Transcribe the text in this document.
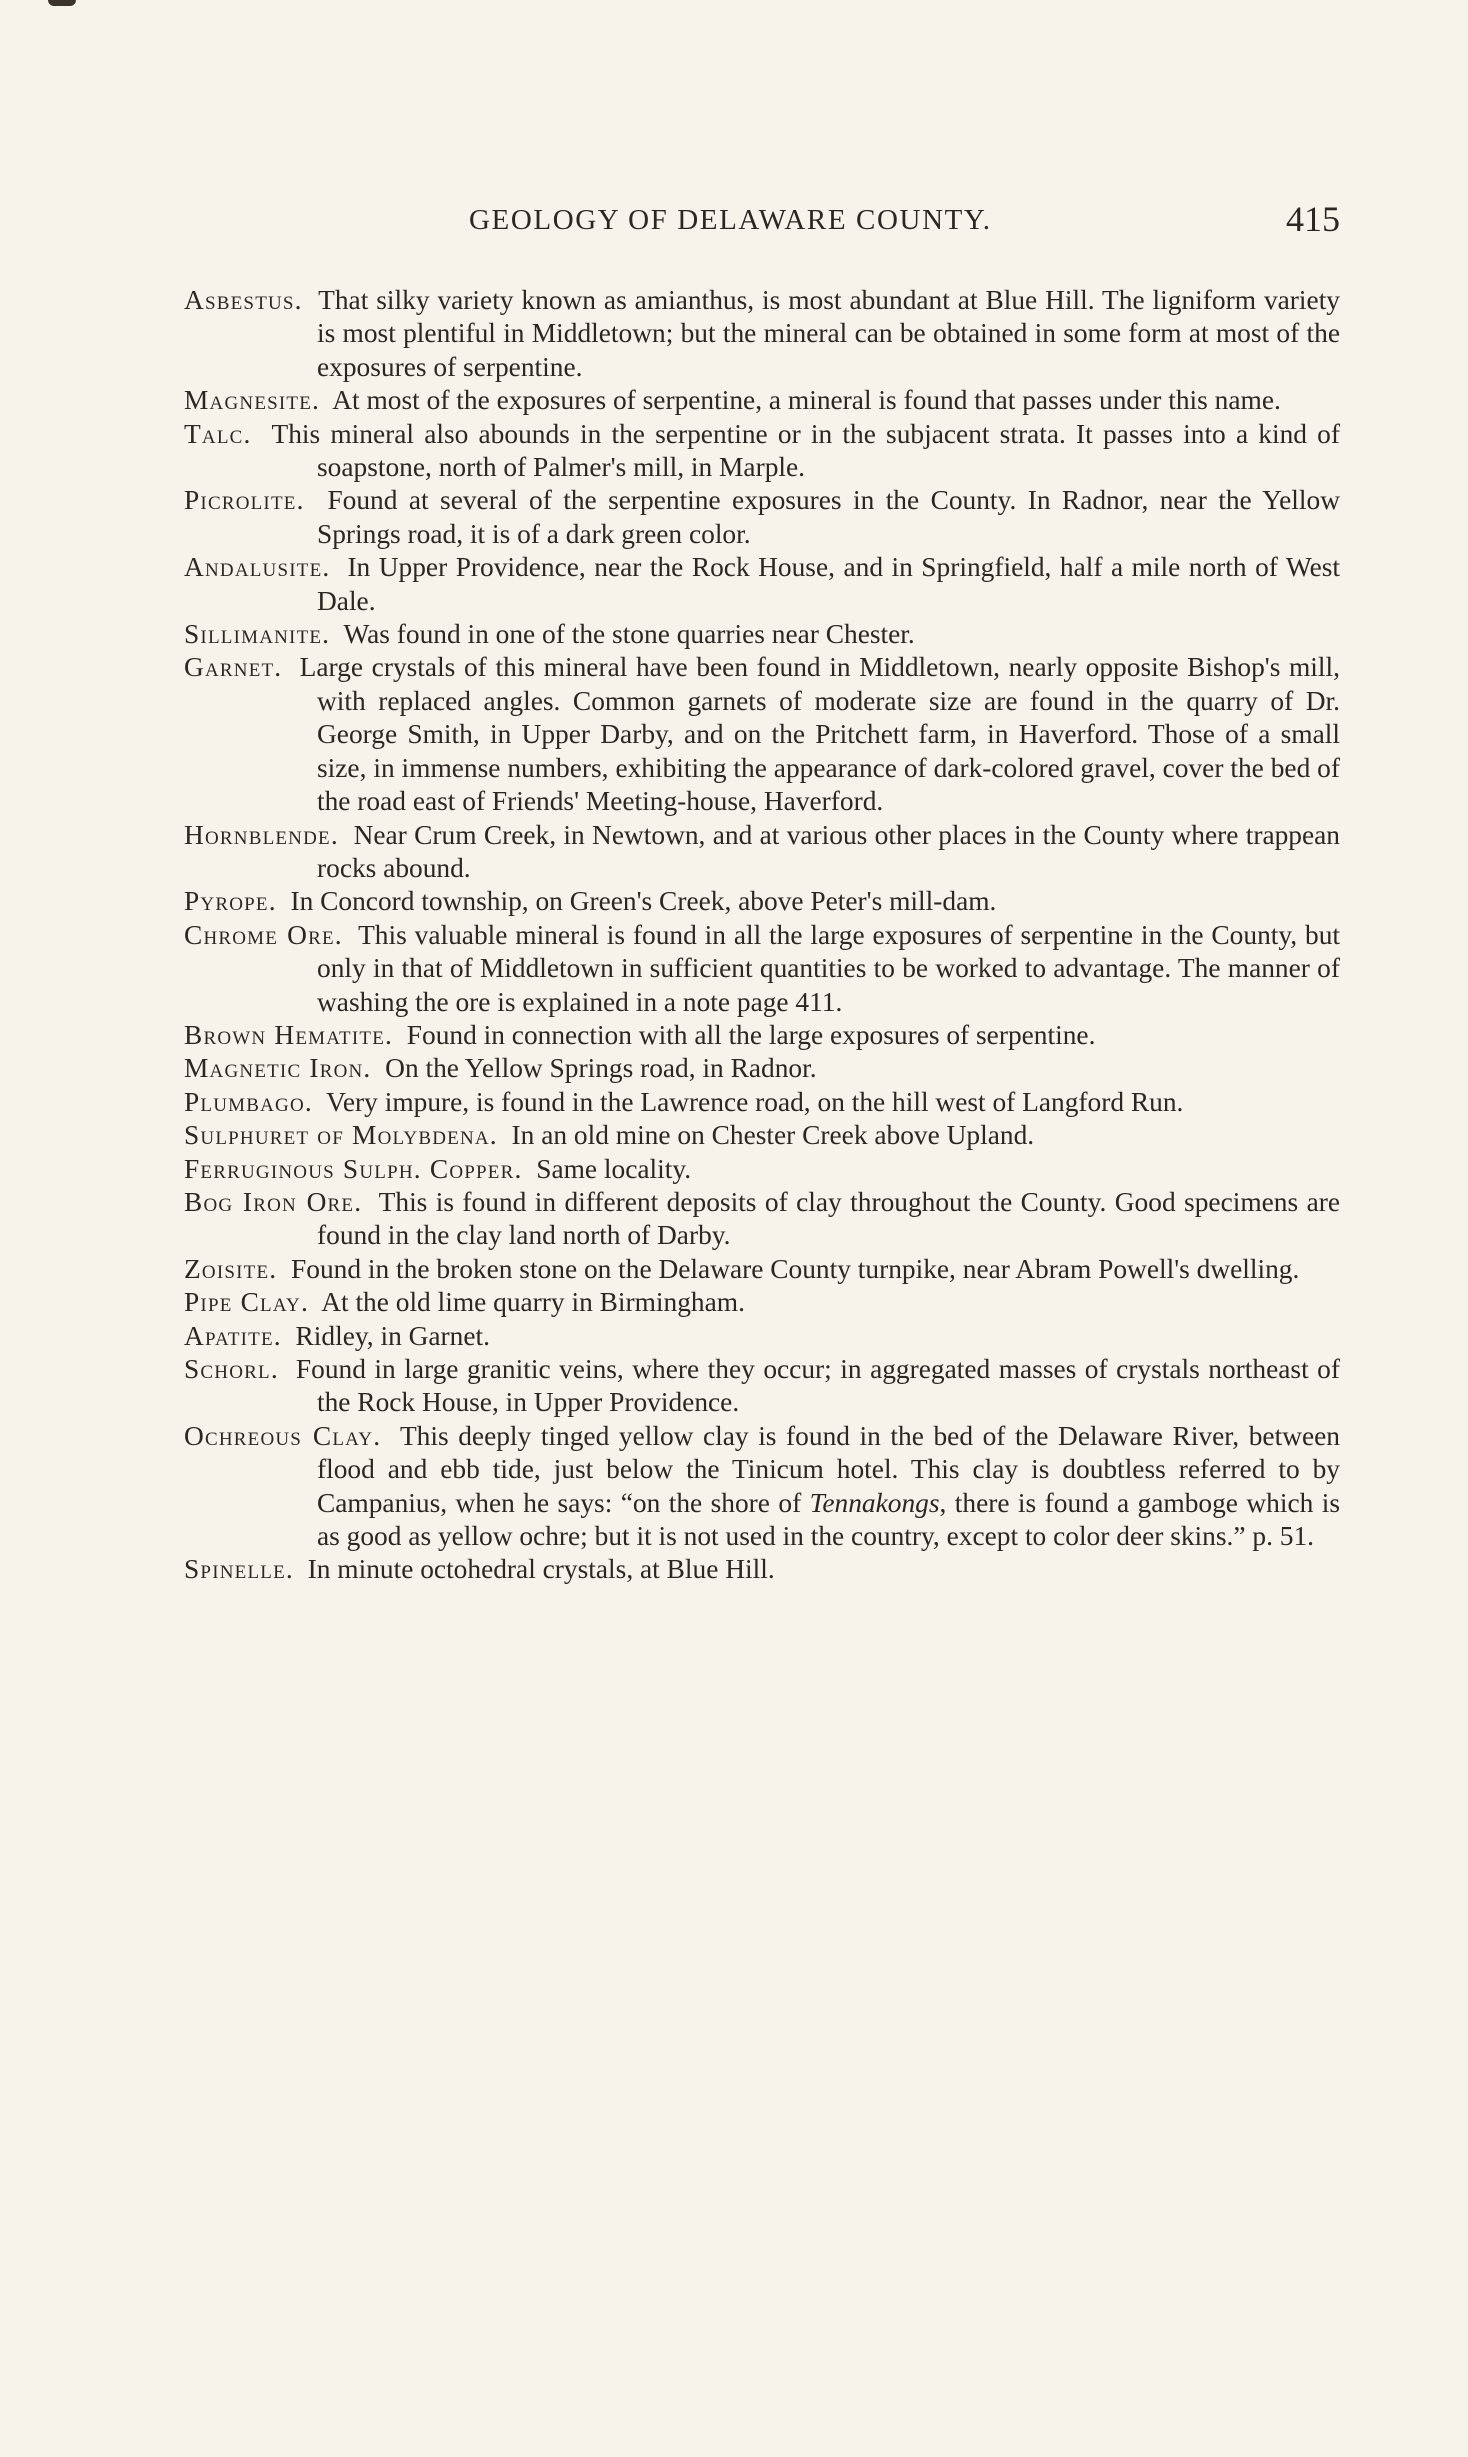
GEOLOGY OF DELAWARE COUNTY.	415

Asbestus. That silky variety known as amianthus, is most abundant at Blue Hill. The ligniform variety is most plentiful in Middletown; but the mineral can be obtained in some form at most of the exposures of serpentine.

Magnesite. At most of the exposures of serpentine, a mineral is found that passes under this name.

Talc. This mineral also abounds in the serpentine or in the subjacent strata. It passes into a kind of soapstone, north of Palmer's mill, in Marple.

Picrolite. Found at several of the serpentine exposures in the County. In Radnor, near the Yellow Springs road, it is of a dark green color.

Andalusite. In Upper Providence, near the Rock House, and in Springfield, half a mile north of West Dale.

Sillimanite. Was found in one of the stone quarries near Chester.

Garnet. Large crystals of this mineral have been found in Middletown, nearly opposite Bishop's mill, with replaced angles. Common garnets of moderate size are found in the quarry of Dr. George Smith, in Upper Darby, and on the Pritchett farm, in Haverford. Those of a small size, in immense numbers, exhibiting the appearance of dark-colored gravel, cover the bed of the road east of Friends' Meeting-house, Haverford.

Hornblende. Near Crum Creek, in Newtown, and at various other places in the County where trappean rocks abound.

Pyrope. In Concord township, on Green's Creek, above Peter's mill-dam.

Chrome Ore. This valuable mineral is found in all the large exposures of serpentine in the County, but only in that of Middletown in sufficient quantities to be worked to advantage. The manner of washing the ore is explained in a note page 411.

Brown Hematite. Found in connection with all the large exposures of serpentine.

Magnetic Iron. On the Yellow Springs road, in Radnor.

Plumbago. Very impure, is found in the Lawrence road, on the hill west of Langford Run.

Sulphuret of Molybdena. In an old mine on Chester Creek above Upland.

Ferruginous Sulph. Copper. Same locality.

Bog Iron Ore. This is found in different deposits of clay throughout the County. Good specimens are found in the clay land north of Darby.

Zoisite. Found in the broken stone on the Delaware County turnpike, near Abram Powell's dwelling.

Pipe Clay. At the old lime quarry in Birmingham.

Apatite. Ridley, in Garnet.

Schorl. Found in large granitic veins, where they occur; in aggregated masses of crystals northeast of the Rock House, in Upper Providence.

Ochreous Clay. This deeply tinged yellow clay is found in the bed of the Delaware River, between flood and ebb tide, just below the Tinicum hotel. This clay is doubtless referred to by Campanius, when he says: “on the shore of Tennakongs, there is found a gamboge which is as good as yellow ochre; but it is not used in the country, except to color deer skins.” p. 51.

Spinelle. In minute octohedral crystals, at Blue Hill.
